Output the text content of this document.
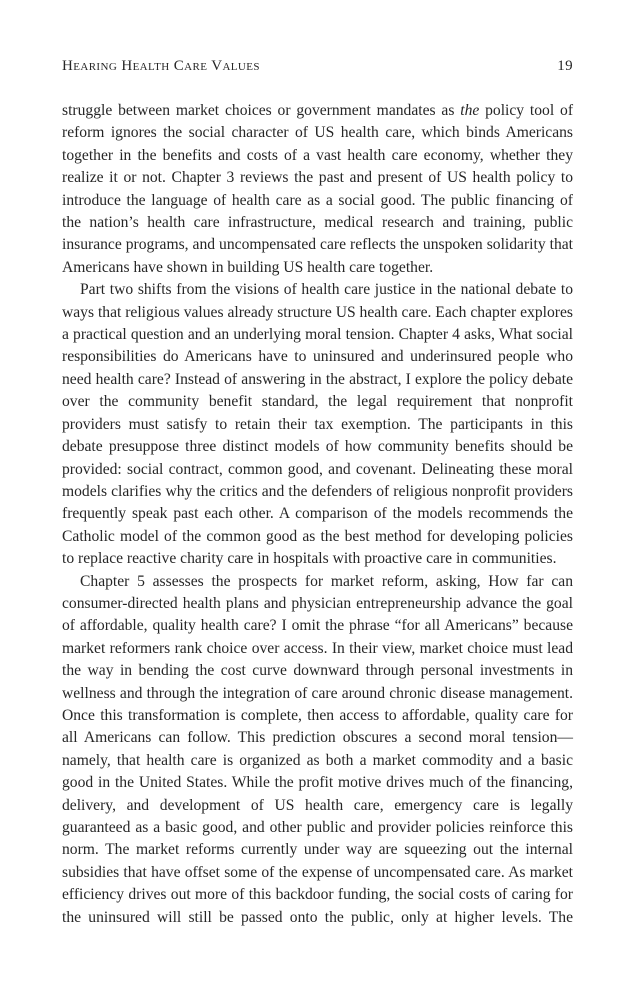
Hearing Health Care Values	19

struggle between market choices or government mandates as the policy tool of reform ignores the social character of US health care, which binds Americans together in the benefits and costs of a vast health care economy, whether they realize it or not. Chapter 3 reviews the past and present of US health policy to introduce the language of health care as a social good. The public financing of the nation’s health care infrastructure, medical research and training, public insurance programs, and uncompensated care reflects the unspoken solidarity that Americans have shown in building US health care together.

Part two shifts from the visions of health care justice in the national debate to ways that religious values already structure US health care. Each chapter explores a practical question and an underlying moral tension. Chapter 4 asks, What social responsibilities do Americans have to uninsured and underinsured people who need health care? Instead of answering in the abstract, I explore the policy debate over the community benefit standard, the legal requirement that nonprofit providers must satisfy to retain their tax exemption. The participants in this debate presuppose three distinct models of how community benefits should be provided: social contract, common good, and covenant. Delineating these moral models clarifies why the critics and the defenders of religious nonprofit providers frequently speak past each other. A comparison of the models recommends the Catholic model of the common good as the best method for developing policies to replace reactive charity care in hospitals with proactive care in communities.

Chapter 5 assesses the prospects for market reform, asking, How far can consumer-directed health plans and physician entrepreneurship advance the goal of affordable, quality health care? I omit the phrase “for all Americans” because market reformers rank choice over access. In their view, market choice must lead the way in bending the cost curve downward through personal investments in wellness and through the integration of care around chronic disease management. Once this transformation is complete, then access to affordable, quality care for all Americans can follow. This prediction obscures a second moral tension—namely, that health care is organized as both a market commodity and a basic good in the United States. While the profit motive drives much of the financing, delivery, and development of US health care, emergency care is legally guaranteed as a basic good, and other public and provider policies reinforce this norm. The market reforms currently under way are squeezing out the internal subsidies that have offset some of the expense of uncompensated care. As market efficiency drives out more of this backdoor funding, the social costs of caring for the uninsured will still be passed onto the public, only at higher levels. The
